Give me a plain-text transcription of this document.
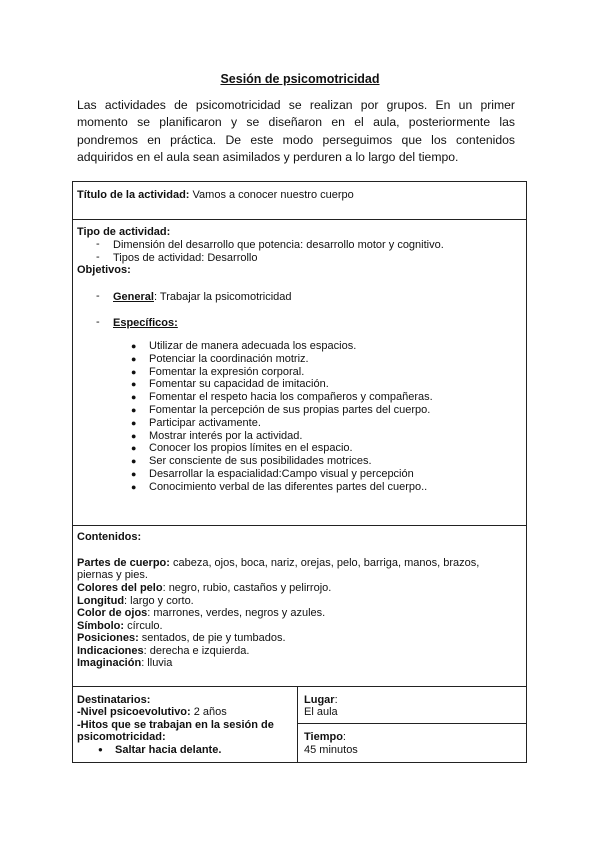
Sesión de psicomotricidad
Las actividades de psicomotricidad se realizan por grupos. En un primer momento se planificaron y se diseñaron en el aula, posteriormente las pondremos en práctica. De este modo perseguimos que los contenidos adquiridos en el aula sean asimilados y perduren a lo largo del tiempo.
Título de la actividad: Vamos a conocer nuestro cuerpo
Tipo de actividad:
- Dimensión del desarrollo que potencia: desarrollo motor y cognitivo.
- Tipos de actividad: Desarrollo
Objetivos:
- General: Trabajar la psicomotricidad
- Específicos:
● Utilizar de manera adecuada los espacios.
● Potenciar la coordinación motriz.
● Fomentar la expresión corporal.
● Fomentar su capacidad de imitación.
● Fomentar el respeto hacia los compañeros y compañeras.
● Fomentar la percepción de sus propias partes del cuerpo.
● Participar activamente.
● Mostrar interés por la actividad.
● Conocer los propios límites en el espacio.
● Ser consciente de sus posibilidades motrices.
● Desarrollar la espacialidad:Campo visual y percepción
● Conocimiento verbal de las diferentes partes del cuerpo..
Contenidos:
Partes de cuerpo: cabeza, ojos, boca, nariz, orejas, pelo, barriga, manos, brazos,
piernas y pies.
Colores del pelo: negro, rubio, castaños y pelirrojo.
Longitud: largo y corto.
Color de ojos: marrones, verdes, negros y azules.
Símbolo: círculo.
Posiciones: sentados, de pie y tumbados.
Indicaciones: derecha e izquierda.
Imaginación: lluvia
Destinatarios:
-Nivel psicoevolutivo: 2 años
-Hitos que se trabajan en la sesión de
psicomotricidad:
● Saltar hacia delante.
Lugar:
El aula
Tiempo:
45 minutos
